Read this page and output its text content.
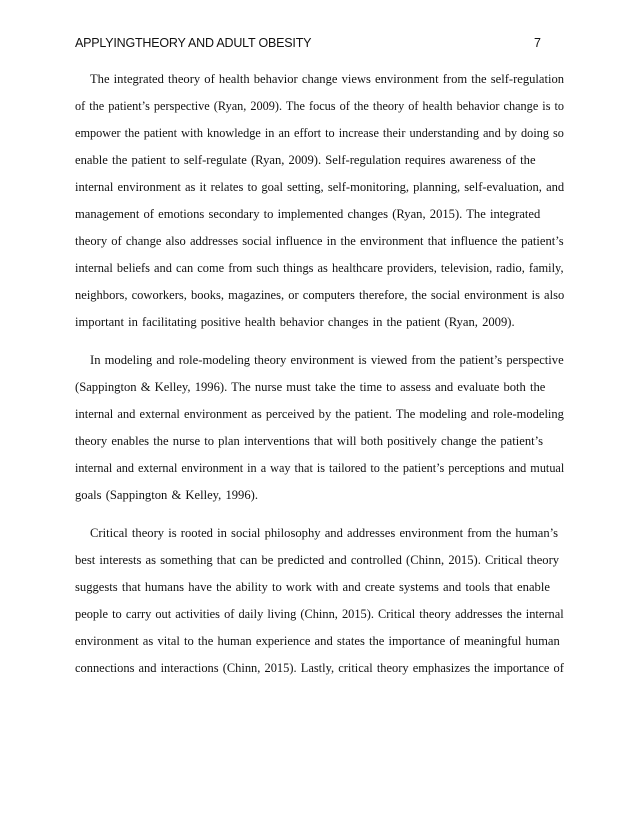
APPLYINGTHEORY AND ADULT OBESITY	7
The integrated theory of health behavior change views environment from the self-regulation
of the patient’s perspective (Ryan, 2009). The focus of the theory of health behavior change is to
empower the patient with knowledge in an effort to increase their understanding and by doing so
enable the patient to self-regulate (Ryan, 2009). Self-regulation requires awareness of the
internal environment as it relates to goal setting, self-monitoring, planning, self-evaluation, and
management of emotions secondary to implemented changes (Ryan, 2015). The integrated
theory of change also addresses social influence in the environment that influence the patient’s
internal beliefs and can come from such things as healthcare providers, television, radio, family,
neighbors, coworkers, books, magazines, or computers therefore, the social environment is also
important in facilitating positive health behavior changes in the patient (Ryan, 2009).
In modeling and role-modeling theory environment is viewed from the patient’s perspective
(Sappington & Kelley, 1996). The nurse must take the time to assess and evaluate both the
internal and external environment as perceived by the patient. The modeling and role-modeling
theory enables the nurse to plan interventions that will both positively change the patient’s
internal and external environment in a way that is tailored to the patient’s perceptions and mutual
goals (Sappington & Kelley, 1996).
Critical theory is rooted in social philosophy and addresses environment from the human’s
best interests as something that can be predicted and controlled (Chinn, 2015). Critical theory
suggests that humans have the ability to work with and create systems and tools that enable
people to carry out activities of daily living (Chinn, 2015). Critical theory addresses the internal
environment as vital to the human experience and states the importance of meaningful human
connections and interactions (Chinn, 2015). Lastly, critical theory emphasizes the importance of
